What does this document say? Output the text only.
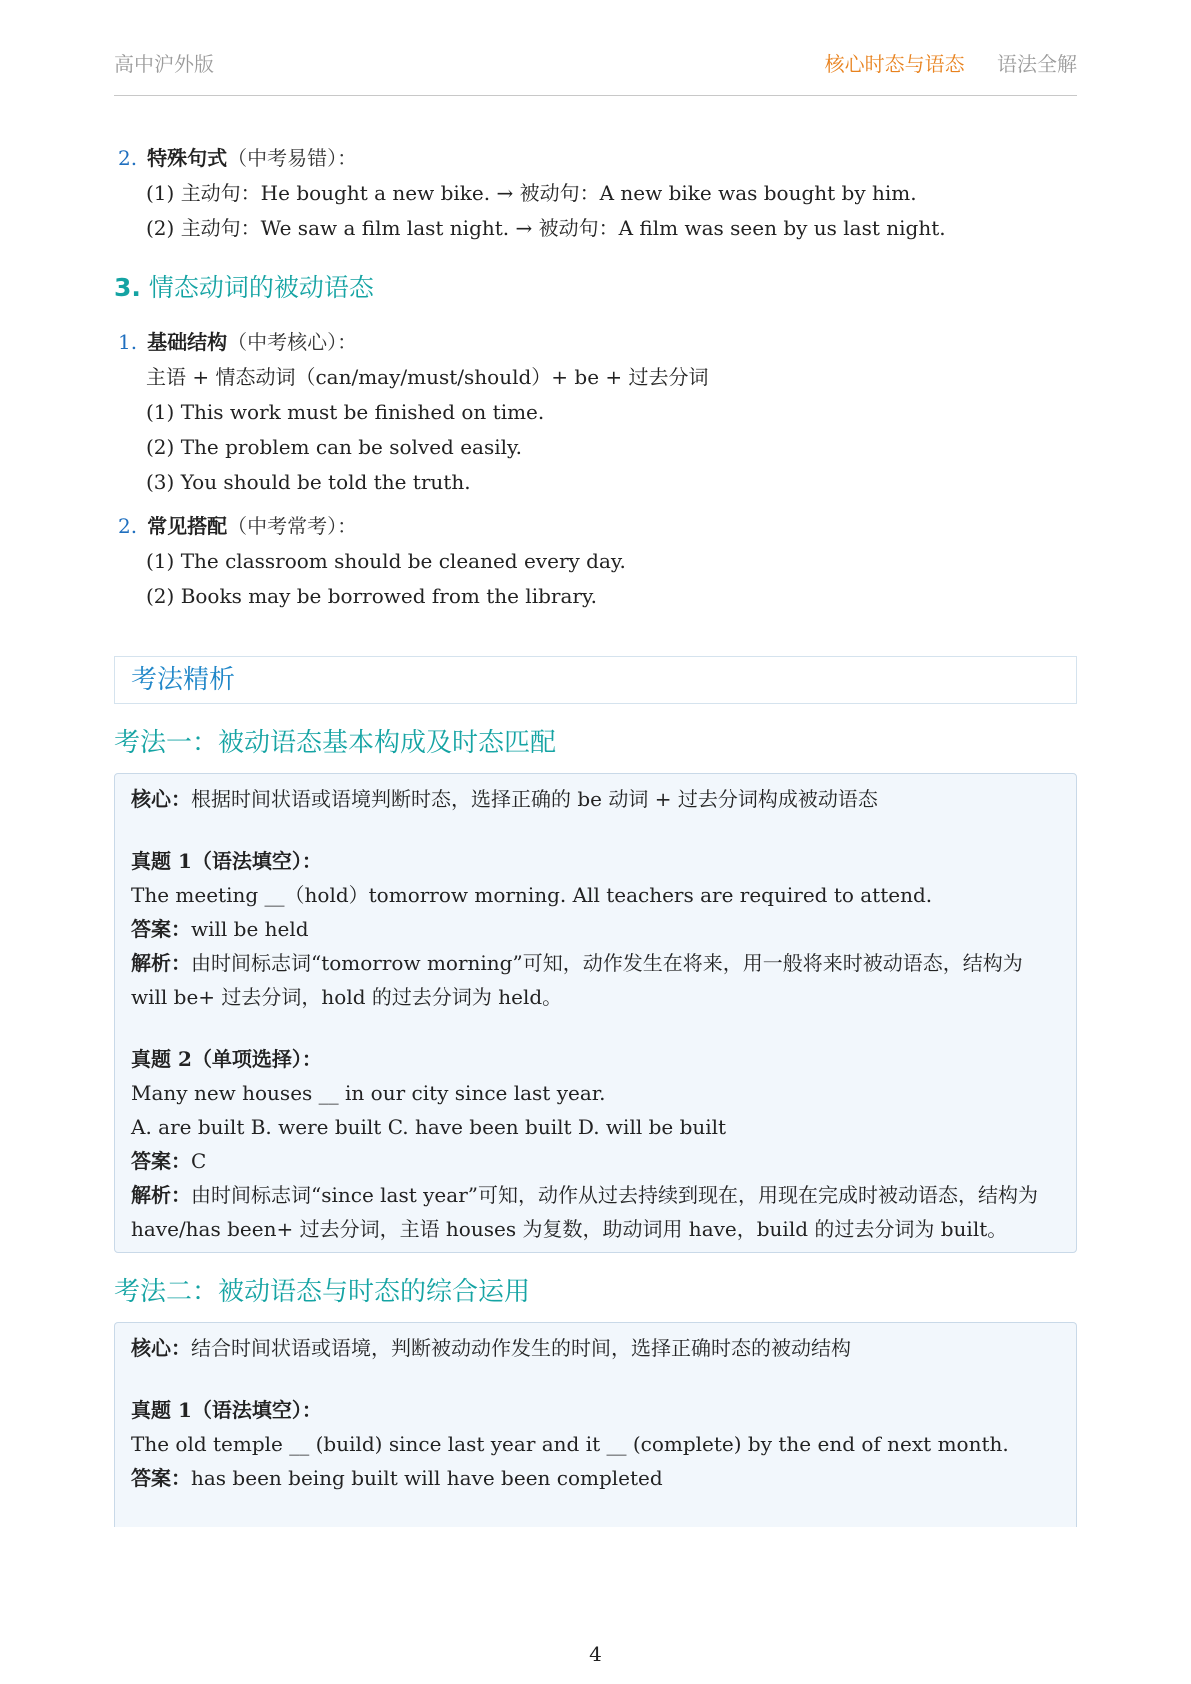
高中沪外版	核心时态与语态 语法全解
2. 特殊句式（中考易错）：
(1) 主动句：He bought a new bike. → 被动句：A new bike was bought by him.
(2) 主动句：We saw a film last night. → 被动句：A film was seen by us last night.
3. 情态动词的被动语态
1. 基础结构（中考核心）：
主语 + 情态动词（can/may/must/should）+ be + 过去分词
(1) This work must be finished on time.
(2) The problem can be solved easily.
(3) You should be told the truth.
2. 常见搭配（中考常考）：
(1) The classroom should be cleaned every day.
(2) Books may be borrowed from the library.
考法精析
考法一：被动语态基本构成及时态匹配
核心：根据时间状语或语境判断时态，选择正确的 be 动词 + 过去分词构成被动语态
真题 1（语法填空）：
The meeting __（hold）tomorrow morning. All teachers are required to attend.
答案：will be held
解析：由时间标志词“tomorrow morning”可知，动作发生在将来，用一般将来时被动语态，结构为 will be+ 过去分词，hold 的过去分词为 held。
真题 2（单项选择）：
Many new houses __ in our city since last year.
A. are built B. were built C. have been built D. will be built
答案：C
解析：由时间标志词“since last year”可知，动作从过去持续到现在，用现在完成时被动语态，结构为 have/has been+ 过去分词，主语 houses 为复数，助动词用 have，build 的过去分词为 built。
考法二：被动语态与时态的综合运用
核心：结合时间状语或语境，判断被动动作发生的时间，选择正确时态的被动结构
真题 1（语法填空）：
The old temple __ (build) since last year and it __ (complete) by the end of next month.
答案：has been being built will have been completed
4
